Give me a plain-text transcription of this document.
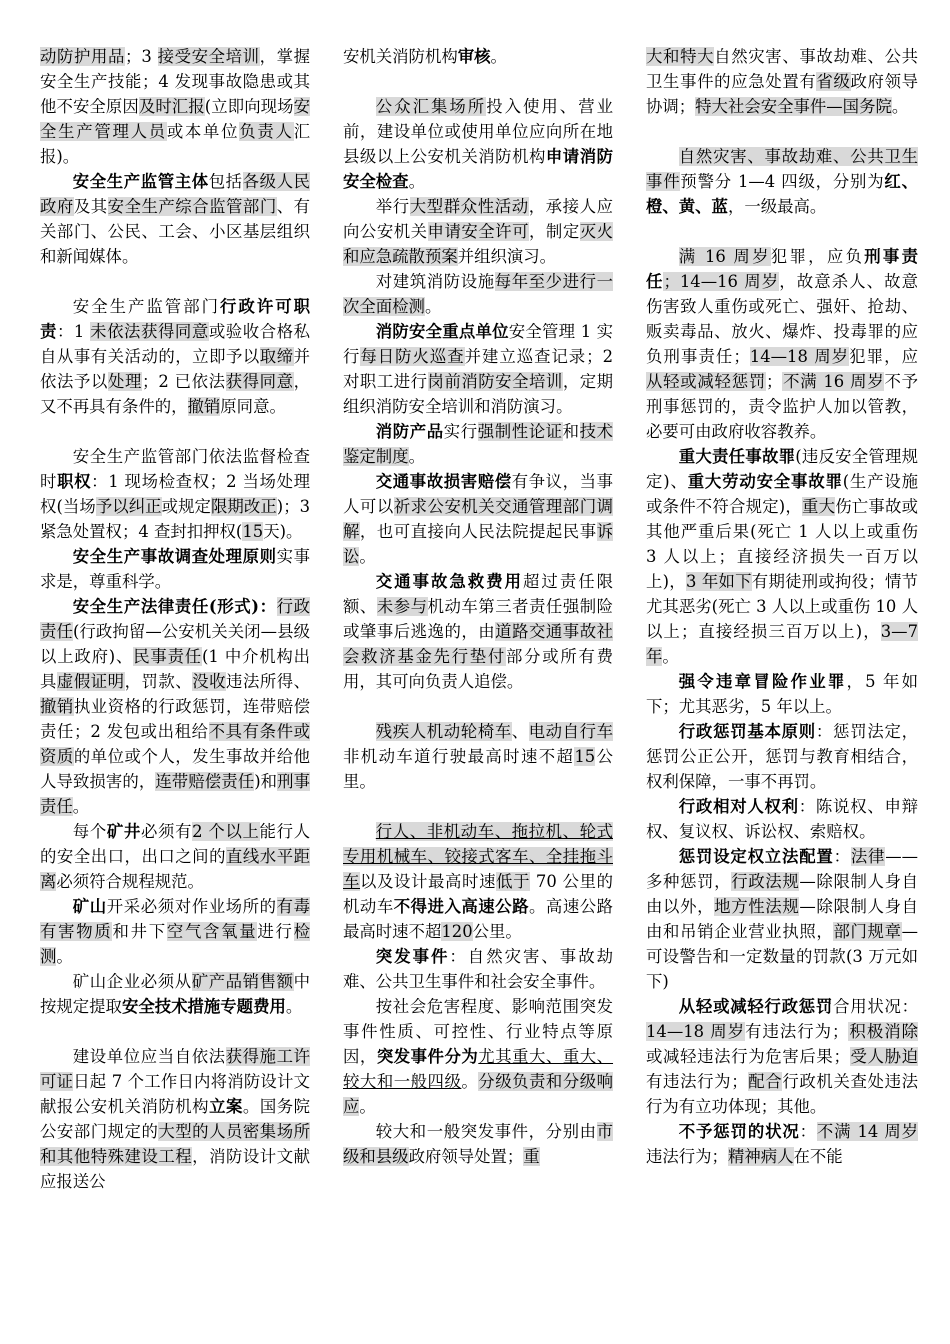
动防护用品；3 接受安全培训，掌握安全生产技能；4 发现事故隐患或其他不安全原因及时汇报(立即向现场安全生产管理人员或本单位负责人汇报)。

安全生产监管主体包括各级人民政府及其安全生产综合监管部门、有关部门、公民、工会、小区基层组织和新闻媒体。

安全生产监管部门行政许可职责：1 未依法获得同意或验收合格私自从事有关活动的，立即予以取缔并依法予以处理；2 已依法获得同意，又不再具有条件的，撤销原同意。

安全生产监管部门依法监督检查时职权：1 现场检查权；2 当场处理权(当场予以纠正或规定限期改正)；3 紧急处置权；4 查封扣押权(15天)。

安全生产事故调查处理原则实事求是，尊重科学。

安全生产法律责任(形式)：行政责任(行政拘留—公安机关关闭—县级以上政府)、民事责任(1 中介机构出具虚假证明，罚款、没收违法所得、撤销执业资格的行政惩罚，连带赔偿责任；2 发包或出租给不具有条件或资质的单位或个人，发生事故并给他人导致损害的，连带赔偿责任)和刑事责任。

每个矿井必须有2 个以上能行人的安全出口，出口之间的直线水平距离必须符合规程规范。

矿山开采必须对作业场所的有毒有害物质和井下空气含氧量进行检测。

矿山企业必须从矿产品销售额中按规定提取安全技术措施专题费用。

建设单位应当自依法获得施工许可证日起 7 个工作日内将消防设计文献报公安机关消防机构立案。国务院公安部门规定的大型的人员密集场所和其他特殊建设工程，消防设计文献应报送公

安机关消防机构审核。

公众汇集场所投入使用、营业前，建设单位或使用单位应向所在地县级以上公安机关消防机构申请消防安全检查。

举行大型群众性活动，承接人应向公安机关申请安全许可，制定灭火和应急疏散预案并组织演习。

对建筑消防设施每年至少进行一次全面检测。

消防安全重点单位安全管理 1 实行每日防火巡查并建立巡查记录；2 对职工进行岗前消防安全培训，定期组织消防安全培训和消防演习。

消防产品实行强制性论证和技术鉴定制度。

交通事故损害赔偿有争议，当事人可以祈求公安机关交通管理部门调解，也可直接向人民法院提起民事诉讼。

交通事故急救费用超过责任限额、未参与机动车第三者责任强制险或肇事后逃逸的，由道路交通事故社会救济基金先行垫付部分或所有费用，其可向负责人追偿。

残疾人机动轮椅车、电动自行车非机动车道行驶最高时速不超15公里。

行人、非机动车、拖拉机、轮式专用机械车、铰接式客车、全挂拖斗车以及设计最高时速低于 70 公里的机动车不得进入高速公路。高速公路最高时速不超120公里。

突发事件：自然灾害、事故劫难、公共卫生事件和社会安全事件。

按社会危害程度、影响范围突发事件性质、可控性、行业特点等原因，突发事件分为尤其重大、重大、较大和一般四级。分级负责和分级响应。

较大和一般突发事件，分别由市级和县级政府领导处置；重

大和特大自然灾害、事故劫难、公共卫生事件的应急处置有省级政府领导协调；特大社会安全事件—国务院。

自然灾害、事故劫难、公共卫生事件预警分 1—4 四级，分别为红、橙、黄、蓝，一级最高。

满 16 周岁犯罪，应负刑事责任；14—16 周岁，故意杀人、故意伤害致人重伤或死亡、强奸、抢劫、贩卖毒品、放火、爆炸、投毒罪的应负刑事责任；14—18 周岁犯罪，应从轻或减轻惩罚；不满 16 周岁不予刑事惩罚的，责令监护人加以管教，必要可由政府收容教养。

重大责任事故罪(违反安全管理规定)、重大劳动安全事故罪(生产设施或条件不符合规定)，重大伤亡事故或其他严重后果(死亡 1 人以上或重伤 3 人以上；直接经济损失一百万以上)，3 年如下有期徒刑或拘役；情节尤其恶劣(死亡 3 人以上或重伤 10 人以上；直接经损三百万以上)，3—7 年。

强令违章冒险作业罪，5 年如下；尤其恶劣，5 年以上。

行政惩罚基本原则：惩罚法定，惩罚公正公开，惩罚与教育相结合，权利保障，一事不再罚。

行政相对人权利：陈说权、申辩权、复议权、诉讼权、索赔权。

惩罚设定权立法配置：法律——多种惩罚，行政法规—除限制人身自由以外，地方性法规—除限制人身自由和吊销企业营业执照，部门规章—可设警告和一定数量的罚款(3 万元如下)

从轻或减轻行政惩罚合用状况：14—18 周岁有违法行为；积极消除或减轻违法行为危害后果；受人胁迫有违法行为；配合行政机关查处违法行为有立功体现；其他。

不予惩罚的状况：不满 14 周岁违法行为；精神病人在不能
